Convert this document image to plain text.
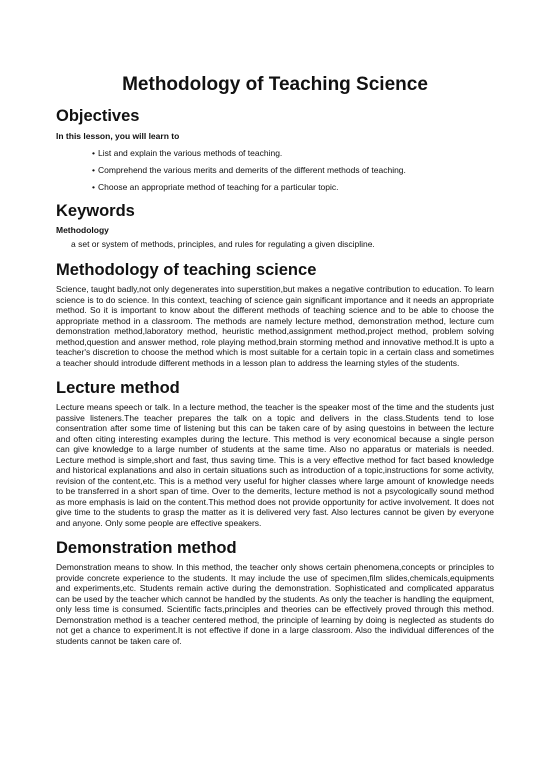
Methodology of Teaching Science
Objectives
In this lesson, you will learn to
• List and explain the various methods of teaching.
• Comprehend the various merits and demerits of the different methods of teaching.
• Choose an appropriate method of teaching for a particular topic.
Keywords
Methodology
a set or system of methods, principles, and rules for regulating a given discipline.
Methodology of teaching science

Science, taught badly,not only degenerates into superstition,but makes a negative contribution to education. To learn science is to do science. In this context, teaching of science gain significant importance and it needs an appropriate method. So it is important to know about the different methods of teaching science and to be able to choose the appropriate method in a classroom. The methods are namely lecture method, demonstration method, lecture cum demonstration method,laboratory method, heuristic method,assignment method,project method, problem solving method,question and answer method, role playing method,brain storming method and innovative method.It is upto a teacher's discretion to choose the method which is most suitable for a certain topic in a certain class and sometimes a teacher should introdude different methods in a lesson plan to address the learning styles of the students.

Lecture method

Lecture means speech or talk. In a lecture method, the teacher is the speaker most of the time and the students just passive listeners.The teacher prepares the talk on a topic and delivers in the class.Students tend to lose consentration after some time of listening but this can be taken care of by asing questoins in between the lecture and often citing interesting examples during the lecture. This method is very economical because a single person can give knowledge to a large number of students at the same time. Also no apparatus or materials is needed. Lecture method is simple,short and fast, thus saving time. This is a very effective method for fact based knowledge and historical explanations and also in certain situations such as introduction of a topic,instructions for some activity, revision of the content,etc. This is a method very useful for higher classes where large amount of knowledge needs to be transferred in a short span of time. Over to the demerits, lecture method is not a psycologically sound method as more emphasis is laid on the content.This method does not provide opportunity for active involvement. It does not give time to the students to grasp the matter as it is delivered very fast. Also lectures cannot be given by everyone and anyone. Only some people are effective speakers.

Demonstration method

Demonstration means to show. In this method, the teacher only shows certain phenomena,concepts or principles to provide concrete experience to the students. It may include the use of specimen,film slides,chemicals,equipments and experiments,etc. Students remain active during the demonstration. Sophisticated and complicated apparatus can be used by the teacher which cannot be handled by the students. As only the teacher is handling the equipment, only less time is consumed. Scientific facts,principles and theories can be effectively proved through this method. Demonstration method is a teacher centered method, the principle of learning by doing is neglected as students do not get a chance to experiment.It is not effective if done in a large classroom. Also the individual differences of the students cannot be taken care of.
